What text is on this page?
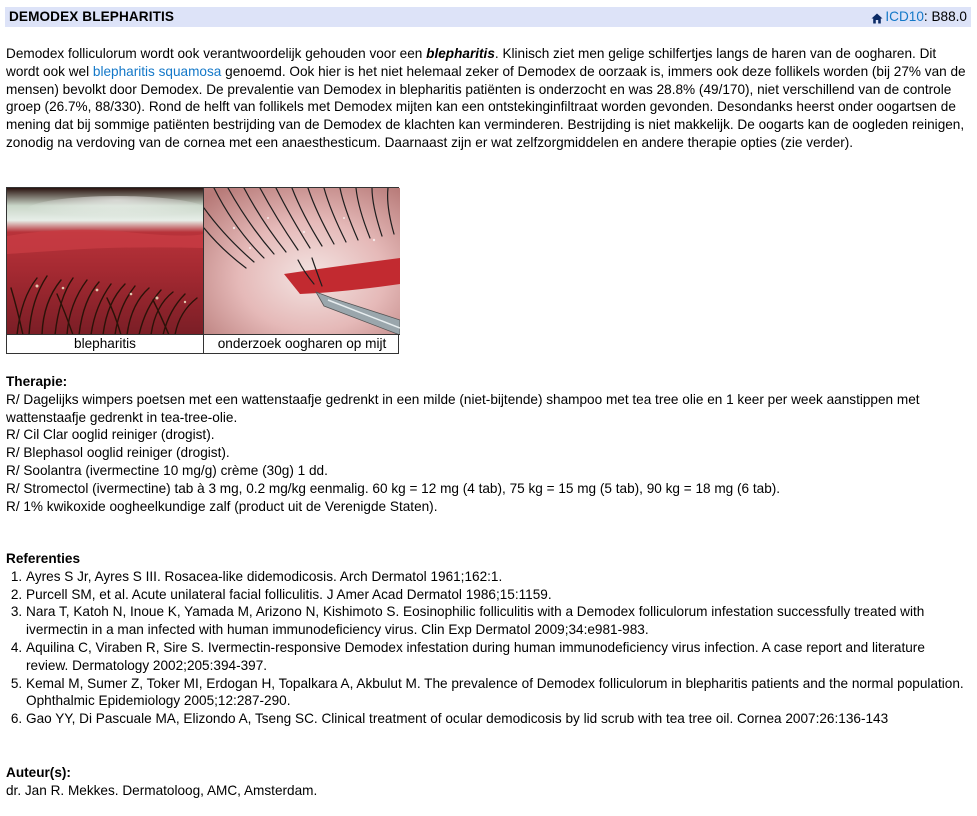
DEMODEX BLEPHARITIS	ICD10 : B88.0

Demodex folliculorum wordt ook verantwoordelijk gehouden voor een blepharitis. Klinisch ziet men gelige schilfertjes langs de haren van de oogharen. Dit wordt ook wel blepharitis squamosa genoemd. Ook hier is het niet helemaal zeker of Demodex de oorzaak is, immers ook deze follikels worden (bij 27% van de mensen) bevolkt door Demodex. De prevalentie van Demodex in blepharitis patiënten is onderzocht en was 28.8% (49/170), niet verschillend van de controle groep (26.7%, 88/330). Rond de helft van follikels met Demodex mijten kan een ontstekinginfiltraat worden gevonden. Desondanks heerst onder oogartsen de mening dat bij sommige patiënten bestrijding van de Demodex de klachten kan verminderen. Bestrijding is niet makkelijk. De oogarts kan de oogleden reinigen, zonodig na verdoving van de cornea met een anaesthesticum. Daarnaast zijn er wat zelfzorgmiddelen en andere therapie opties (zie verder).

blepharitis	onderzoek oogharen op mijt

Therapie:

R/ Dagelijks wimpers poetsen met een wattenstaafje gedrenkt in een milde (niet-bijtende) shampoo met tea tree olie en 1 keer per week aanstippen met wattenstaafje gedrenkt in tea-tree-olie.
R/ Cil Clar ooglid reiniger (drogist).
R/ Blephasol ooglid reiniger (drogist).
R/ Soolantra (ivermectine 10 mg/g) crème (30g) 1 dd.
R/ Stromectol (ivermectine) tab à 3 mg, 0.2 mg/kg eenmalig. 60 kg = 12 mg (4 tab), 75 kg = 15 mg (5 tab), 90 kg = 18 mg (6 tab).
R/ 1% kwikoxide oogheelkundige zalf (product uit de Verenigde Staten).

Referenties

1. Ayres S Jr, Ayres S III. Rosacea-like didemodicosis. Arch Dermatol 1961;162:1.
2. Purcell SM, et al. Acute unilateral facial folliculitis. J Amer Acad Dermatol 1986;15:1159.
3. Nara T, Katoh N, Inoue K, Yamada M, Arizono N, Kishimoto S. Eosinophilic folliculitis with a Demodex folliculorum infestation successfully treated with ivermectin in a man infected with human immunodeficiency virus. Clin Exp Dermatol 2009;34:e981-983.
4. Aquilina C, Viraben R, Sire S. Ivermectin-responsive Demodex infestation during human immunodeficiency virus infection. A case report and literature review. Dermatology 2002;205:394-397.
5. Kemal M, Sumer Z, Toker MI, Erdogan H, Topalkara A, Akbulut M. The prevalence of Demodex folliculorum in blepharitis patients and the normal population. Ophthalmic Epidemiology 2005;12:287-290.
6. Gao YY, Di Pascuale MA, Elizondo A, Tseng SC. Clinical treatment of ocular demodicosis by lid scrub with tea tree oil. Cornea 2007:26:136-143

Auteur(s):

dr. Jan R. Mekkes. Dermatoloog, AMC, Amsterdam.
